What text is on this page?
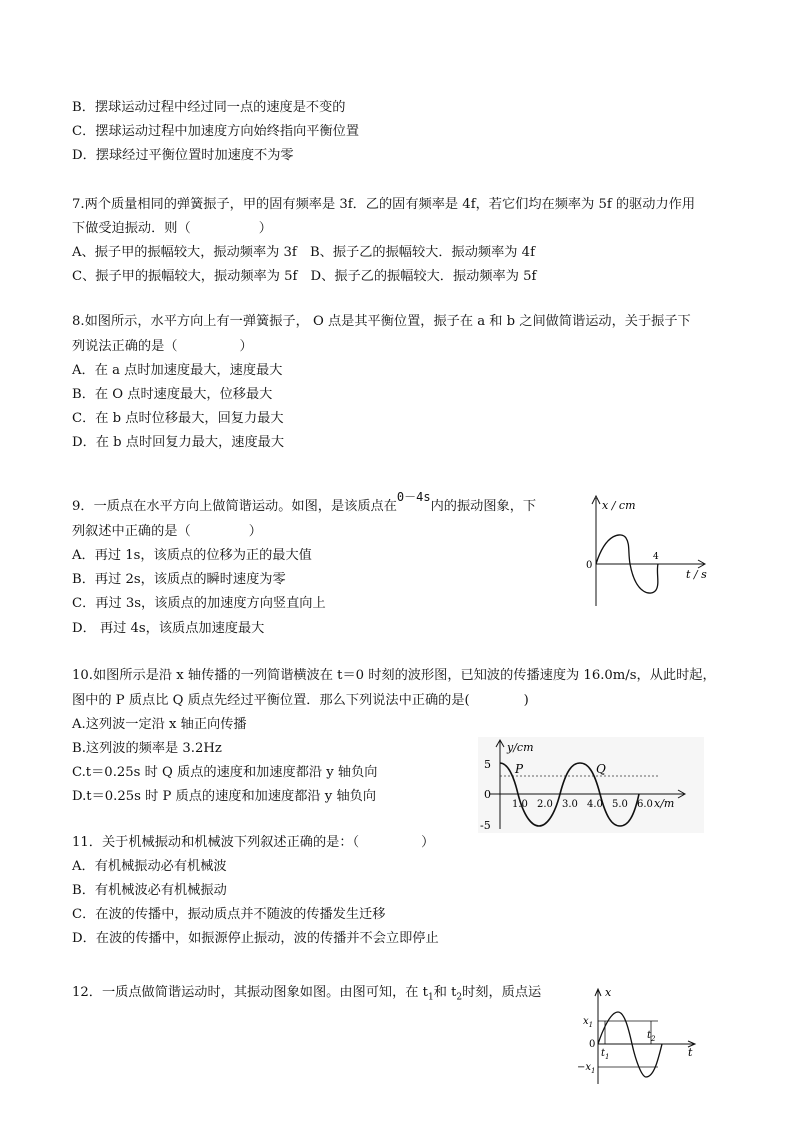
B．摆球运动过程中经过同一点的速度是不变的
C．摆球运动过程中加速度方向始终指向平衡位置
D．摆球经过平衡位置时加速度不为零
7.两个质量相同的弹簧振子，甲的固有频率是 3f．乙的固有频率是 4f，若它们均在频率为 5f 的驱动力作用
下做受迫振动．则（	）
A、振子甲的振幅较大，振动频率为 3f　B、振子乙的振幅较大．振动频率为 4f
C、振子甲的振幅较大，振动频率为 5f　D、振子乙的振幅较大．振动频率为 5f
8.如图所示，水平方向上有一弹簧振子， O 点是其平衡位置，振子在 a 和 b 之间做简谐运动，关于振子下
列说法正确的是（	）
A．在 a 点时加速度最大，速度最大
B．在 O 点时速度最大，位移最大
C．在 b 点时位移最大，回复力最大
D．在 b 点时回复力最大，速度最大
9．一质点在水平方向上做简谐运动。如图，是该质点在0－4s内的振动图象，下
列叙述中正确的是（	）
A．再过 1s，该质点的位移为正的最大值
B．再过 2s，该质点的瞬时速度为零
C．再过 3s，该质点的加速度方向竖直向上
D． 再过 4s，该质点加速度最大
x / cm
t / s
0
4
10.如图所示是沿 x 轴传播的一列简谐横波在 t＝0 时刻的波形图，已知波的传播速度为 16.0m/s，从此时起，
图中的 P 质点比 Q 质点先经过平衡位置．那么下列说法中正确的是(	)
A.这列波一定沿 x 轴正向传播
B.这列波的频率是 3.2Hz
C.t＝0.25s 时 Q 质点的速度和加速度都沿 y 轴负向
D.t＝0.25s 时 P 质点的速度和加速度都沿 y 轴负向
y/cm
x/m
5
0
-5
1.0 2.0 3.0 4.0 5.0 6.0
P	Q
11．关于机械振动和机械波下列叙述正确的是：（	）
A．有机械振动必有机械波
B．有机械波必有机械振动
C．在波的传播中，振动质点并不随波的传播发生迁移
D．在波的传播中，如振源停止振动，波的传播并不会立即停止
12．一质点做简谐运动时，其振动图象如图。由图可知，在 $t_1$和 $t_2$时刻，质点运	x
t
$x_1$
0
$t_1$
$t_2$
$-x_1$
